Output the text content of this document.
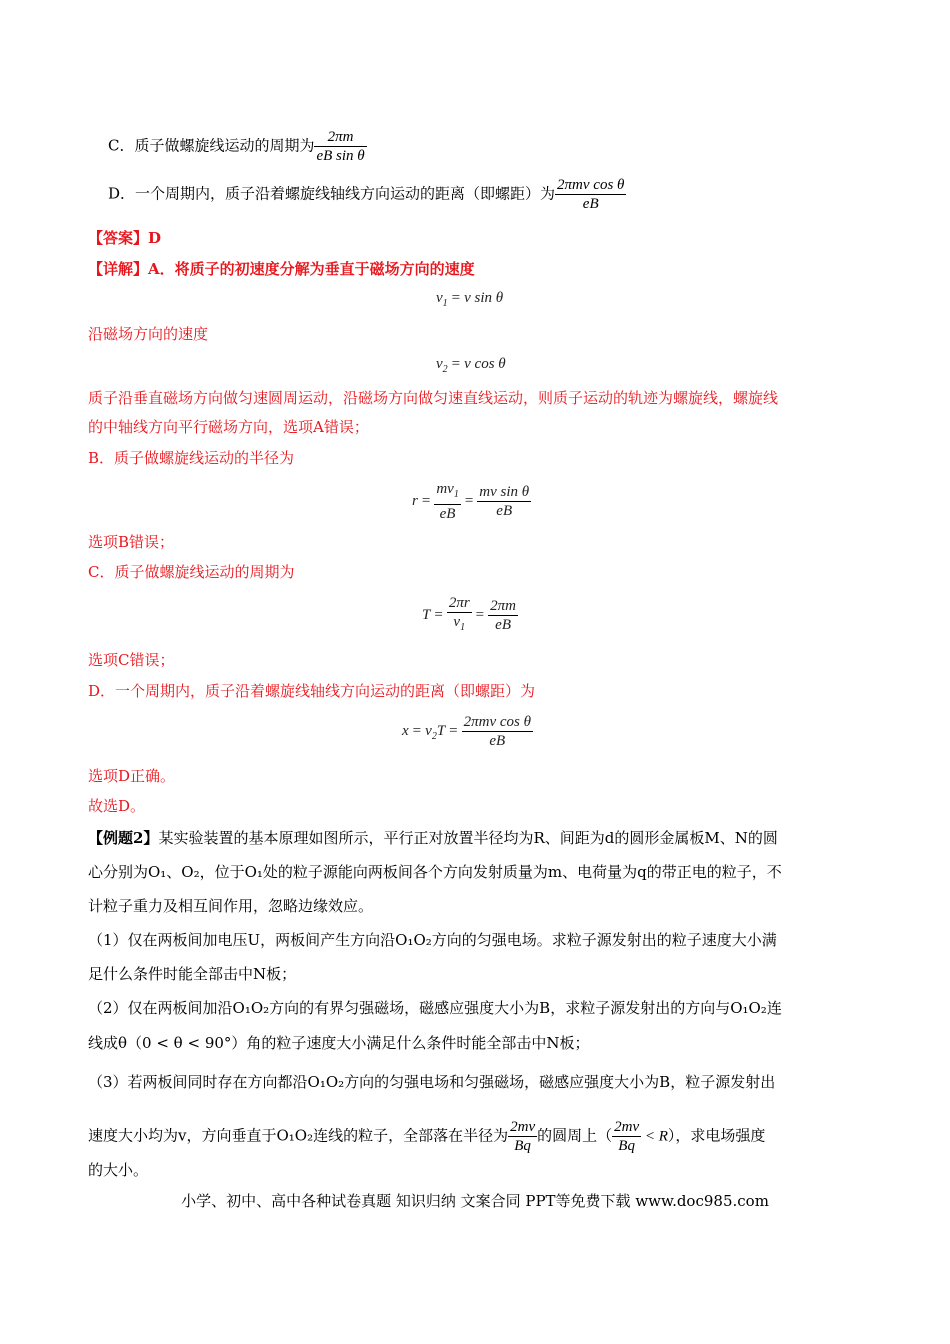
C．质子做螺旋线运动的周期为 $\frac{2\pi m}{\text{eB sin θ}}$
D．一个周期内，质子沿着螺旋线轴线方向运动的距离（即螺距）为 $\frac{\text{2πmv cos θ}}{eB}$
【答案】D
【详解】A．将质子的初速度分解为垂直于磁场方向的速度
$v_1 = v$ sin θ
沿磁场方向的速度
$v_2 = v$ cos θ
质子沿垂直磁场方向做匀速圆周运动，沿磁场方向做匀速直线运动，则质子运动的轨迹为螺旋线，螺旋线
的中轴线方向平行磁场方向，选项A错误；
B．质子做螺旋线运动的半径为
$r = \frac{mv_1}{eB} = \frac{\text{mv sin θ}}{eB}$
选项B错误；
C．质子做螺旋线运动的周期为
$T = \frac{2\pi r}{v_1} = \frac{2\pi m}{eB}$
选项C错误；
D．一个周期内，质子沿着螺旋线轴线方向运动的距离（即螺距）为
$x = v_2T = \frac{\text{2πmv cos θ}}{eB}$
选项D正确。
故选D。
【例题2】某实验装置的基本原理如图所示，平行正对放置半径均为R、间距为d的圆形金属板M、N的圆
心分别为O₁、O₂，位于O₁处的粒子源能向两板间各个方向发射质量为m、电荷量为q的带正电的粒子，不
计粒子重力及相互间作用，忽略边缘效应。
（1）仅在两板间加电压U，两板间产生方向沿O₁O₂方向的匀强电场。求粒子源发射出的粒子速度大小满
足什么条件时能全部击中N板；
（2）仅在两板间加沿O₁O₂方向的有界匀强磁场，磁感应强度大小为B，求粒子源发射出的方向与O₁O₂连
线成θ（0 < θ < 90°）角的粒子速度大小满足什么条件时能全部击中N板；
（3）若两板间同时存在方向都沿O₁O₂方向的匀强电场和匀强磁场，磁感应强度大小为B，粒子源发射出
速度大小均为v，方向垂直于O₁O₂连线的粒子，全部落在半径为 $\frac{2mv}{Bq}$ 的圆周上（ $\frac{2mv}{Bq} < R$），求电场强度
的大小。
小学、初中、高中各种试卷真题 知识归纳 文案合同 PPT等免费下载 www.doc985.com
